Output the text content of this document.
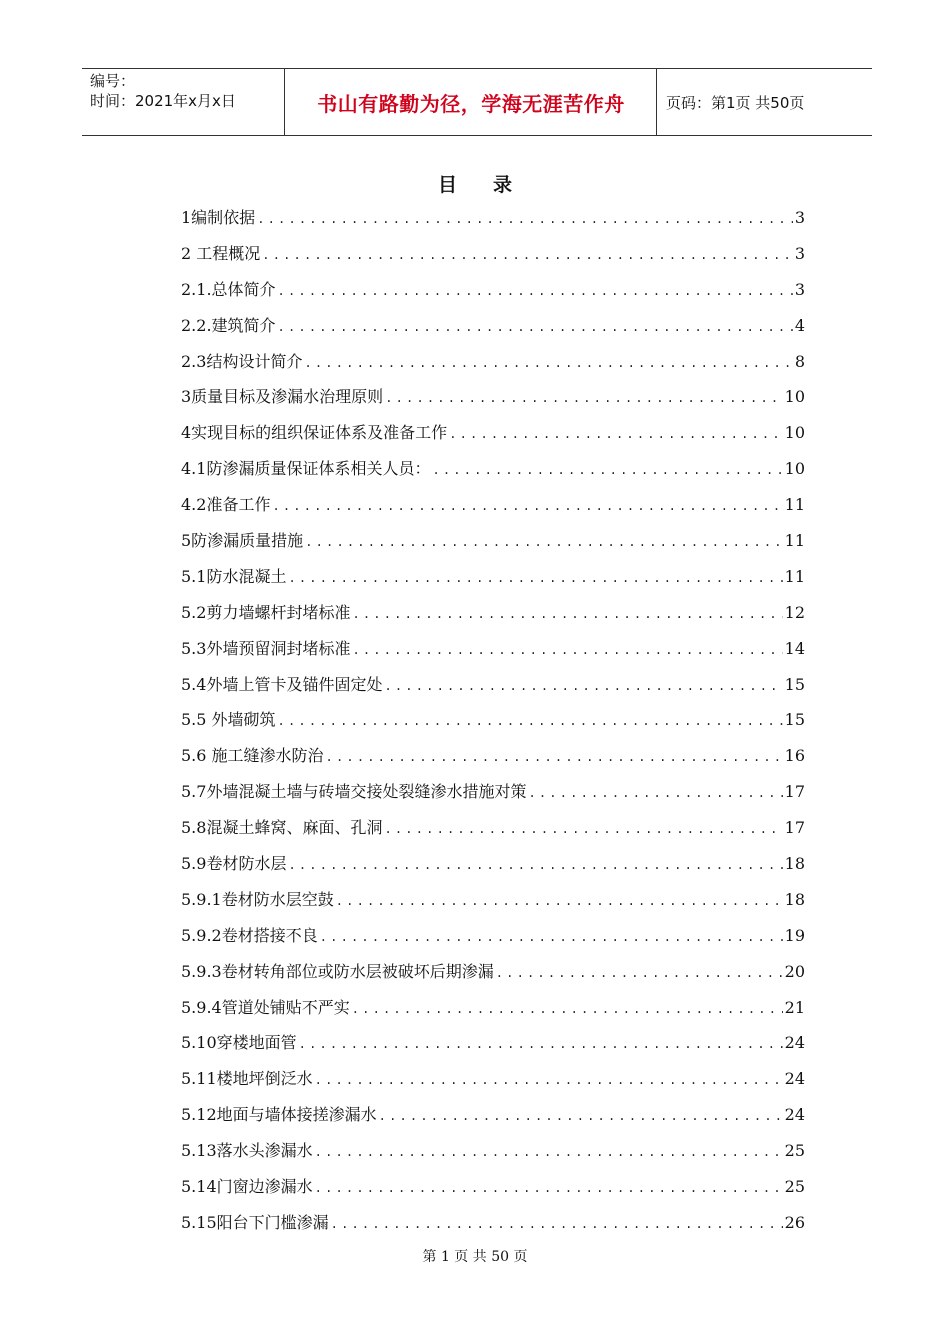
编号：
时间：2021年x月x日	书山有路勤为径，学海无涯苦作舟	页码：第1页 共50页
目 录
1编制依据 .....	3
2 工程概况 .....	3
2.1.总体简介 .....	3
2.2.建筑简介 .....	4
2.3结构设计简介 .....	8
3质量目标及渗漏水治理原则 .....	10
4实现目标的组织保证体系及准备工作 .....	10
4.1防渗漏质量保证体系相关人员： .....	10
4.2准备工作 .....	11
5防渗漏质量措施 .....	11
5.1防水混凝土 .....	11
5.2剪力墙螺杆封堵标准 .....	12
5.3外墙预留洞封堵标准 .....	14
5.4外墙上管卡及锚件固定处 .....	15
5.5 外墙砌筑 .....	15
5.6 施工缝渗水防治 .....	16
5.7外墙混凝土墙与砖墙交接处裂缝渗水措施对策 .....	17
5.8混凝土蜂窝、麻面、孔洞 .....	17
5.9卷材防水层 .....	18
5.9.1卷材防水层空鼓 .....	18
5.9.2卷材搭接不良 .....	19
5.9.3卷材转角部位或防水层被破坏后期渗漏 .....	20
5.9.4管道处铺贴不严实 .....	21
5.10穿楼地面管 .....	24
5.11楼地坪倒泛水 .....	24
5.12地面与墙体接搓渗漏水 .....	24
5.13落水头渗漏水 .....	25
5.14门窗边渗漏水 .....	25
5.15阳台下门槛渗漏 .....	26
第 1 页 共 50 页
